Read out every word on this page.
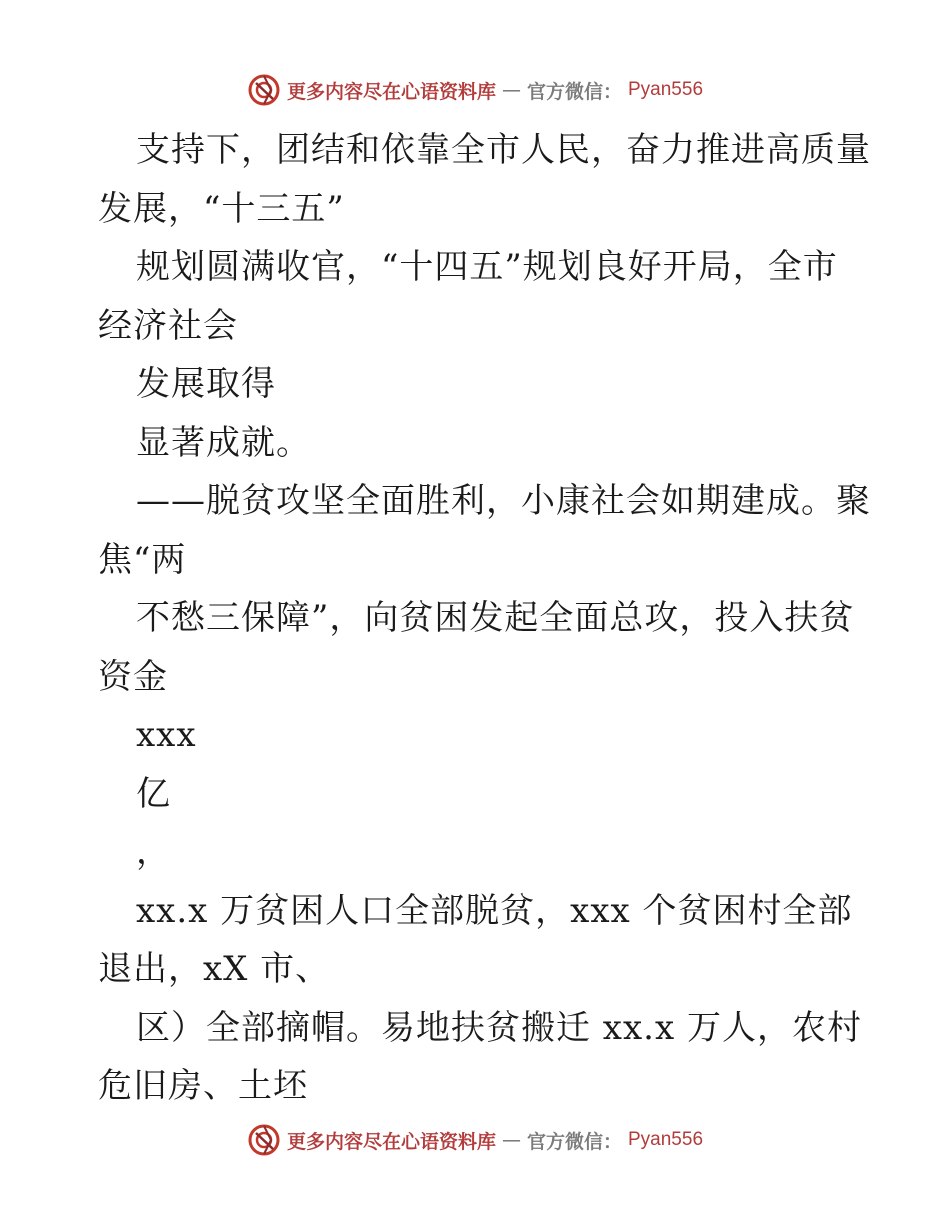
更多内容尽在心语资料库 — 官方微信： Pyan556
支持下，团结和依靠全市人民，奋力推进高质量
发展，“十三五”
规划圆满收官，“十四五”规划良好开局，全市
经济社会
发展取得
显著成就。
——脱贫攻坚全面胜利，小康社会如期建成。聚
焦“两
不愁三保障”，向贫困发起全面总攻，投入扶贫
资金
xxx
亿
，
xx.x 万贫困人口全部脱贫，xxx 个贫困村全部
退出，xX 市、
区）全部摘帽。易地扶贫搬迁 xx.x 万人，农村
危旧房、土坯
更多内容尽在心语资料库 — 官方微信： Pyan556
